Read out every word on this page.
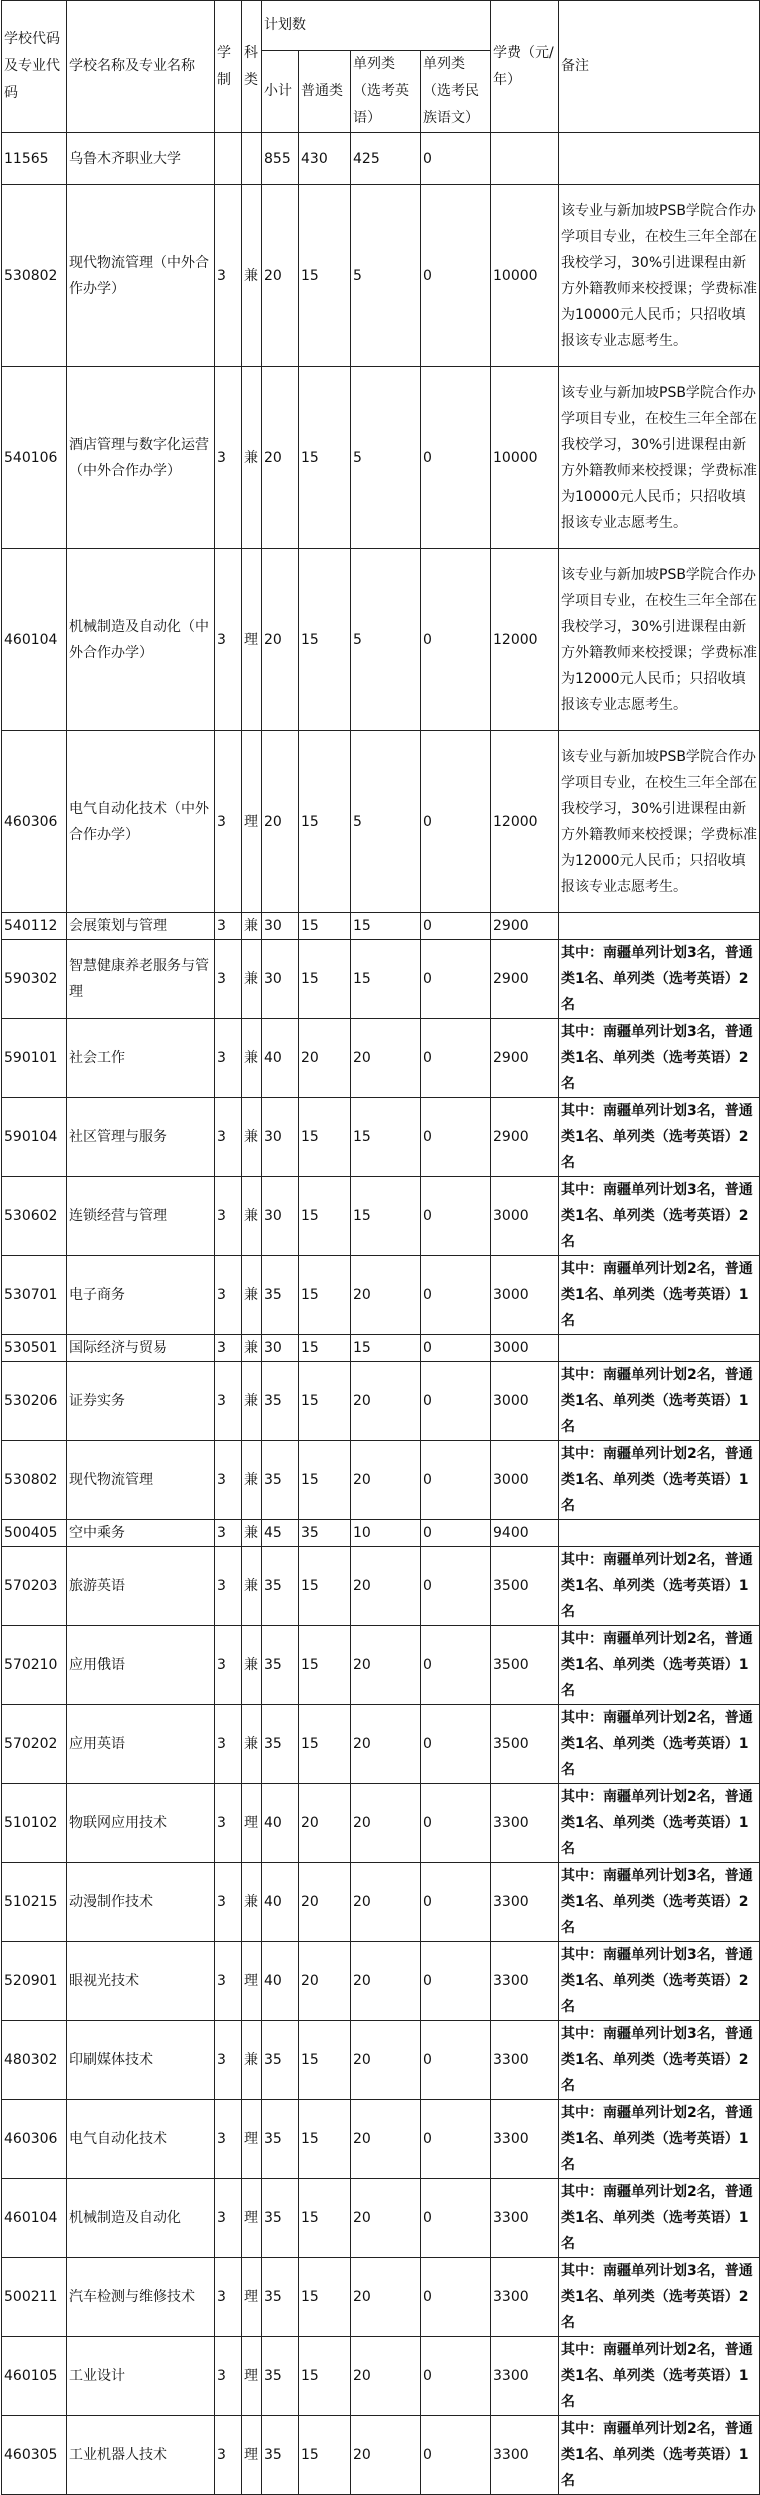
学校代码及专业代码	学校名称及专业名称	学制	科类	计划数				学费（元/年）	备注
				小计	普通类	单列类（选考英语）	单列类（选考民族语文）		
11565	乌鲁木齐职业大学			855	430	425	0		
530802	现代物流管理（中外合作办学）	3	兼	20	15	5	0	10000	该专业与新加坡PSB学院合作办学项目专业，在校生三年全部在我校学习，30%引进课程由新方外籍教师来校授课；学费标准为10000元人民币；只招收填报该专业志愿考生。
540106	酒店管理与数字化运营（中外合作办学）	3	兼	20	15	5	0	10000	该专业与新加坡PSB学院合作办学项目专业，在校生三年全部在我校学习，30%引进课程由新方外籍教师来校授课；学费标准为10000元人民币；只招收填报该专业志愿考生。
460104	机械制造及自动化（中外合作办学）	3	理	20	15	5	0	12000	该专业与新加坡PSB学院合作办学项目专业，在校生三年全部在我校学习，30%引进课程由新方外籍教师来校授课；学费标准为12000元人民币；只招收填报该专业志愿考生。
460306	电气自动化技术（中外合作办学）	3	理	20	15	5	0	12000	该专业与新加坡PSB学院合作办学项目专业，在校生三年全部在我校学习，30%引进课程由新方外籍教师来校授课；学费标准为12000元人民币；只招收填报该专业志愿考生。
540112	会展策划与管理	3	兼	30	15	15	0	2900	
590302	智慧健康养老服务与管理	3	兼	30	15	15	0	2900	其中：南疆单列计划3名，普通类1名、单列类（选考英语）2名
590101	社会工作	3	兼	40	20	20	0	2900	其中：南疆单列计划3名，普通类1名、单列类（选考英语）2名
590104	社区管理与服务	3	兼	30	15	15	0	2900	其中：南疆单列计划3名，普通类1名、单列类（选考英语）2名
530602	连锁经营与管理	3	兼	30	15	15	0	3000	其中：南疆单列计划3名，普通类1名、单列类（选考英语）2名
530701	电子商务	3	兼	35	15	20	0	3000	其中：南疆单列计划2名，普通类1名、单列类（选考英语）1名
530501	国际经济与贸易	3	兼	30	15	15	0	3000	
530206	证券实务	3	兼	35	15	20	0	3000	其中：南疆单列计划2名，普通类1名、单列类（选考英语）1名
530802	现代物流管理	3	兼	35	15	20	0	3000	其中：南疆单列计划2名，普通类1名、单列类（选考英语）1名
500405	空中乘务	3	兼	45	35	10	0	9400	
570203	旅游英语	3	兼	35	15	20	0	3500	其中：南疆单列计划2名，普通类1名、单列类（选考英语）1名
570210	应用俄语	3	兼	35	15	20	0	3500	其中：南疆单列计划2名，普通类1名、单列类（选考英语）1名
570202	应用英语	3	兼	35	15	20	0	3500	其中：南疆单列计划2名，普通类1名、单列类（选考英语）1名
510102	物联网应用技术	3	理	40	20	20	0	3300	其中：南疆单列计划2名，普通类1名、单列类（选考英语）1名
510215	动漫制作技术	3	兼	40	20	20	0	3300	其中：南疆单列计划3名，普通类1名、单列类（选考英语）2名
520901	眼视光技术	3	理	40	20	20	0	3300	其中：南疆单列计划3名，普通类1名、单列类（选考英语）2名
480302	印刷媒体技术	3	兼	35	15	20	0	3300	其中：南疆单列计划3名，普通类1名、单列类（选考英语）2名
460306	电气自动化技术	3	理	35	15	20	0	3300	其中：南疆单列计划2名，普通类1名、单列类（选考英语）1名
460104	机械制造及自动化	3	理	35	15	20	0	3300	其中：南疆单列计划2名，普通类1名、单列类（选考英语）1名
500211	汽车检测与维修技术	3	理	35	15	20	0	3300	其中：南疆单列计划3名，普通类1名、单列类（选考英语）2名
460105	工业设计	3	理	35	15	20	0	3300	其中：南疆单列计划2名，普通类1名、单列类（选考英语）1名
460305	工业机器人技术	3	理	35	15	20	0	3300	其中：南疆单列计划2名，普通类1名、单列类（选考英语）1名
